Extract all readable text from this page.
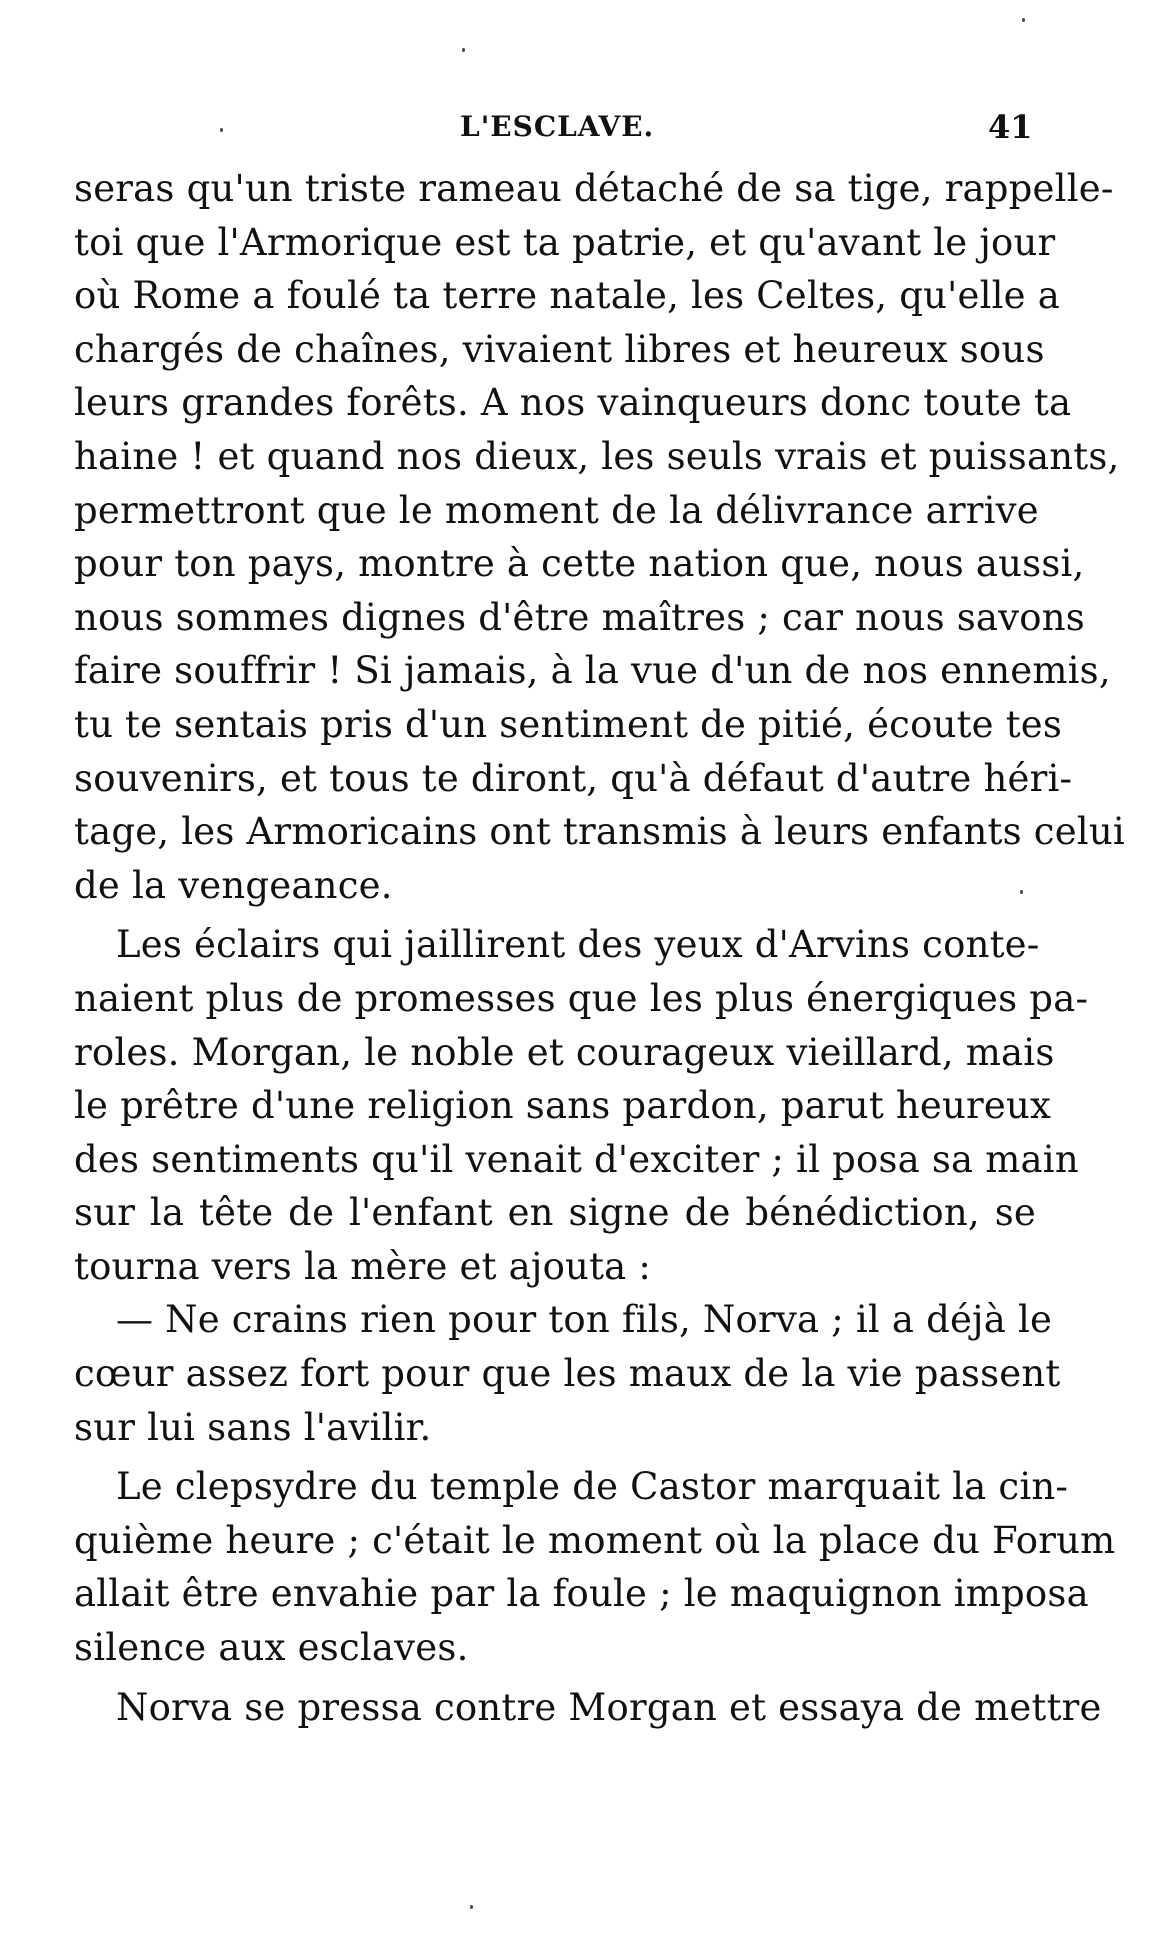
L'ESCLAVE.	41
seras qu'un triste rameau détaché de sa tige, rappelle-
toi que l'Armorique est ta patrie, et qu'avant le jour
où Rome a foulé ta terre natale, les Celtes, qu'elle a
chargés de chaînes, vivaient libres et heureux sous
leurs grandes forêts. A nos vainqueurs donc toute ta
haine ! et quand nos dieux, les seuls vrais et puissants,
permettront que le moment de la délivrance arrive
pour ton pays, montre à cette nation que, nous aussi,
nous sommes dignes d'être maîtres ; car nous savons
faire souffrir ! Si jamais, à la vue d'un de nos ennemis,
tu te sentais pris d'un sentiment de pitié, écoute tes
souvenirs, et tous te diront, qu'à défaut d'autre héri-
tage, les Armoricains ont transmis à leurs enfants celui
de la vengeance.
Les éclairs qui jaillirent des yeux d'Arvins conte-
naient plus de promesses que les plus énergiques pa-
roles. Morgan, le noble et courageux vieillard, mais
le prêtre d'une religion sans pardon, parut heureux
des sentiments qu'il venait d'exciter ; il posa sa main
sur la tête de l'enfant en signe de bénédiction, se
tourna vers la mère et ajouta :
— Ne crains rien pour ton fils, Norva ; il a déjà le
cœur assez fort pour que les maux de la vie passent
sur lui sans l'avilir.
Le clepsydre du temple de Castor marquait la cin-
quième heure ; c'était le moment où la place du Forum
allait être envahie par la foule ; le maquignon imposa
silence aux esclaves.
Norva se pressa contre Morgan et essaya de mettre
